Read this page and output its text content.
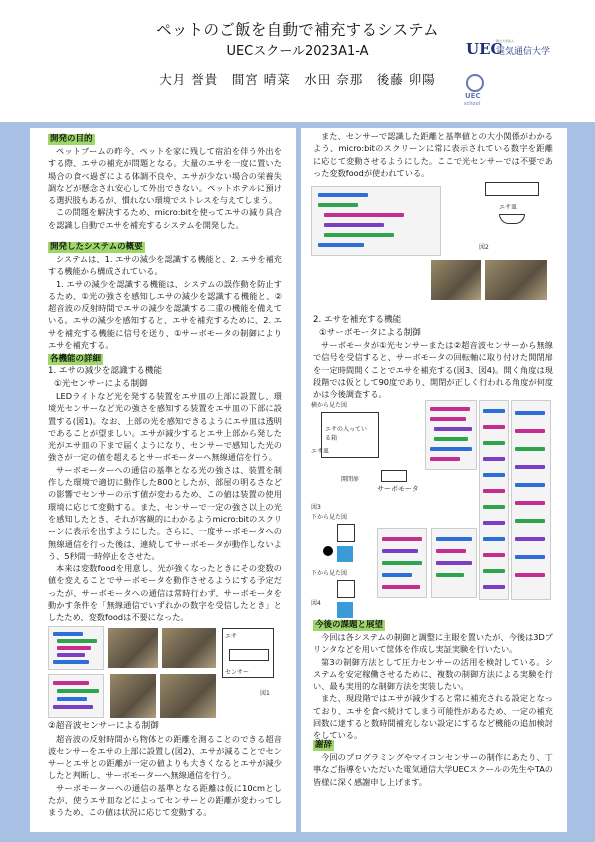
ペットのご飯を自動で補充するシステム
UECスクール2023A1-A
大月 誉貴　間宮 晴菜　水田 奈那　後藤 卯陽
UEC
国立大学法人
電気通信大学
UEC
school
開発の目的

ペットブームの昨今、ペットを家に残して宿泊を伴う外出をする際、エサの補充が問題となる。大量のエサを一度に置いた場合の食べ過ぎによる体調不良や、エサが少ない場合の栄養失調などが懸念され安心して外出できない。ペットホテルに預ける選択肢もあるが、慣れない環境でストレスを与えてしまう。

この問題を解決するため、micro:bitを使ってエサの減り具合を認識し自動でエサを補充するシステムを開発した。

開発したシステムの概要

システムは、1. エサの減少を認識する機能と、2. エサを補充する機能から構成されている。

1. エサの減少を認識する機能は、システムの誤作動を防止するため、①光の強さを感知しエサの減少を認識する機能と、②超音波の反射時間でエサの減少を認識する二重の機能を備えている。エサの減少を感知すると、エサを補充するために、2. エサを補充する機能に信号を送り、①サーボモータの制御によりエサを補充する。

各機能の詳細

1. エサの減少を認識する機能

①光センサーによる制御

LEDライトなど光を発する装置をエサ皿の上部に設置し、環境光センサーなど光の強さを感知する装置をエサ皿の下部に設置する(図1)。なお、上部の光を感知できるようにエサ皿は透明であることが望ましい。エサが減少するとエサ上部から発した光がエサ皿の下まで届くようになり、センサーで感知した光の強さが一定の値を超えるとサーボモーターへ無線通信を行う。

サーボモーターへの通信の基準となる光の強さは、装置を制作した環境で適切に動作した800としたが、部屋の明るさなどの影響でセンサーの示す値が変わるため、この値は装置の使用環境に応じて変動する。また、センサーで一定の強さ以上の光を感知したとき、それが客観的にわかるようmicro:bitのスクリーンに表示を出すようにした。さらに、一度サーボモータへの無線通信を行った後は、連続してサーボモータが動作しないよう、5秒間一時停止をさせた。

本来は変数foodを用意し、光が強くなったときにその変数の値を変えることでサーボモータを動作させるようにする予定だったが、サーボモータへの通信は常時行わず、サーボモータを動かす条件を「無線通信でいずれかの数字を受信したとき」としたため、変数foodは不要になった。

エサ
センサー
図1

②超音波センサーによる制御

超音波の反射時間から物体との距離を測ることのできる超音波センサーをエサの上部に設置し(図2)、エサが減ることでセンサーとエサとの距離が一定の値よりも大きくなるとエサが減少したと判断し、サーボモーターへ無線通信を行う。

サーボモーターへの通信の基準となる距離は仮に10cmとしたが、使うエサ皿などによってセンサーとの距離が変わってしまうため、この値は状況に応じて変動する。

また、センサーで認識した距離と基準値との大小関係がわかるよう、micro:bitのスクリーンに常に表示されている数字を距離に応じて変動させるようにした。ここで光センサーでは不要であった変数foodが使われている。

エサ皿
図2

2. エサを補充する機能

①サーボモータによる制御

サーボモータが①光センサーまたは②超音波センサーから無線で信号を受信すると、サーボモータの回転軸に取り付けた開閉扉を一定時間開くことでエサを補充する(図3、図4)。開く角度は現段階では仮として90度であり、開閉が正しく行われる角度が何度かは今後調査する。

横から見た図
エサの入っている箱
エサ皿
開閉扉
サーボモータ
図3
下から見た図
下から見た図
図4
今後の課題と展望

今回は各システムの制御と調整に主眼を置いたが、今後は3Dプリンタなどを用いて筐体を作成し実証実験を行いたい。

第3の制御方法として圧力センサーの活用を検討している。システムを安定稼働させるために、複数の制御方法による実験を行い、最も実用的な制御方法を実装したい。

また、現段階ではエサが減少すると常に補充される設定となっており、エサを食べ続けてしまう可能性があるため、一定の補充回数に達すると数時間補充しない設定にするなど機能の追加検討をしている。

謝辞

今回のプログラミングやマイコンセンサーの制作にあたり、丁寧なご指導をいただいた電気通信大学UECスクールの先生やTAの皆様に深く感謝申し上げます。
